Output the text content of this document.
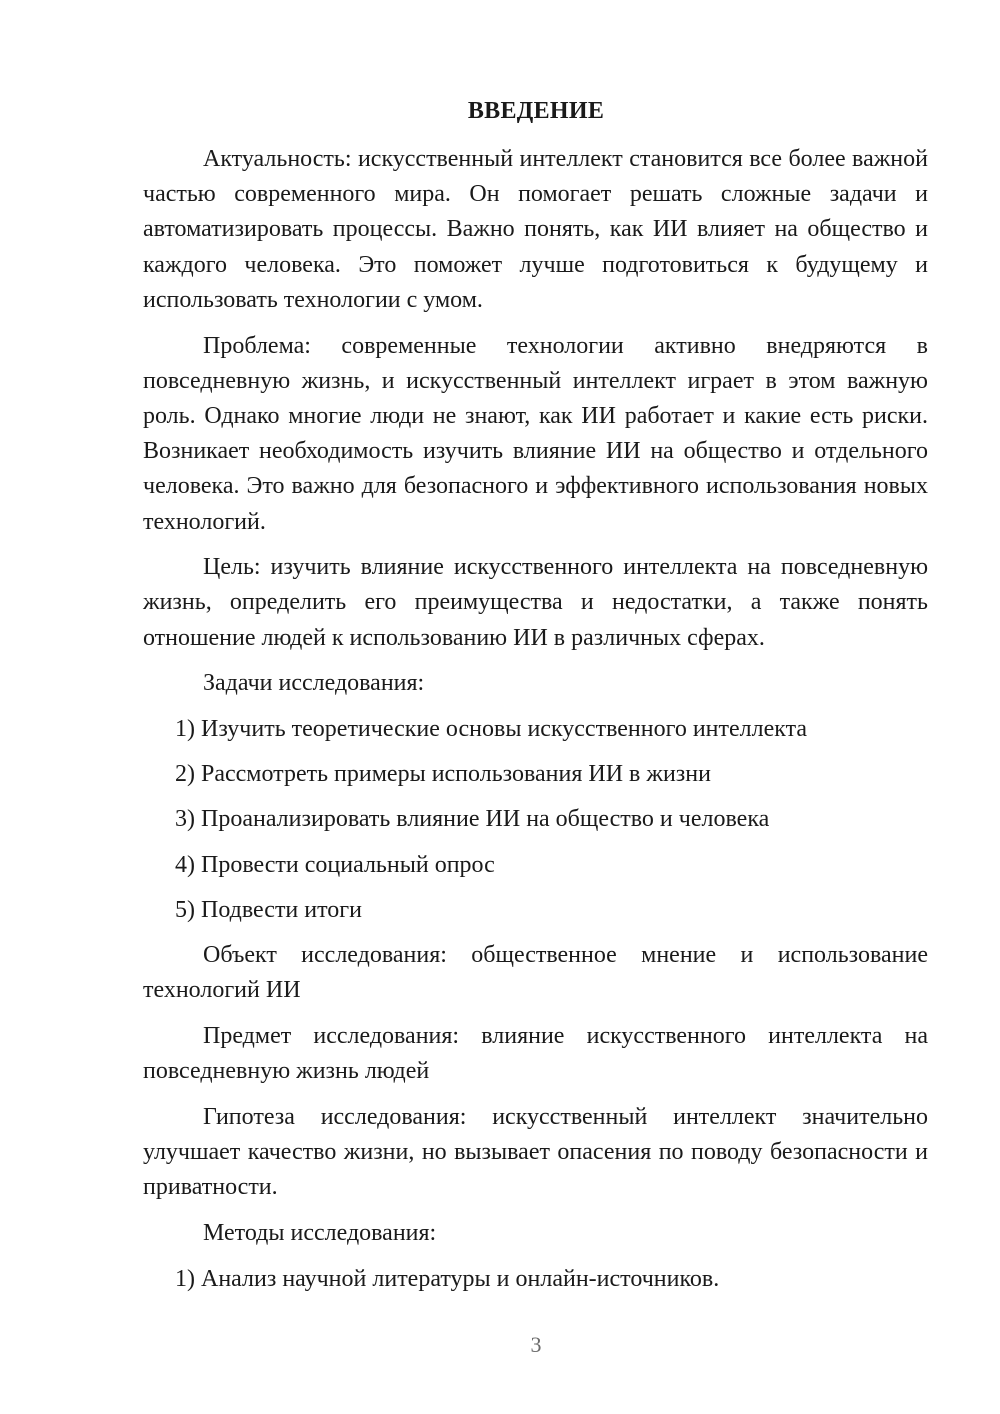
ВВЕДЕНИЕ

Актуальность: искусственный интеллект становится все более важной частью современного мира. Он помогает решать сложные задачи и автоматизировать процессы. Важно понять, как ИИ влияет на общество и каждого человека. Это поможет лучше подготовиться к будущему и использовать технологии с умом.

Проблема: современные технологии активно внедряются в повседневную жизнь, и искусственный интеллект играет в этом важную роль. Однако многие люди не знают, как ИИ работает и какие есть риски. Возникает необходимость изучить влияние ИИ на общество и отдельного человека. Это важно для безопасного и эффективного использования новых технологий.

Цель: изучить влияние искусственного интеллекта на повседневную жизнь, определить его преимущества и недостатки, а также понять отношение людей к использованию ИИ в различных сферах.

Задачи исследования:

1) Изучить теоретические основы искусственного интеллекта

2) Рассмотреть примеры использования ИИ в жизни

3) Проанализировать влияние ИИ на общество и человека

4) Провести социальный опрос

5) Подвести итоги

Объект исследования: общественное мнение и использование технологий ИИ

Предмет исследования: влияние искусственного интеллекта на повседневную жизнь людей

Гипотеза исследования: искусственный интеллект значительно улучшает качество жизни, но вызывает опасения по поводу безопасности и приватности.

Методы исследования:

1) Анализ научной литературы и онлайн-источников.

3
